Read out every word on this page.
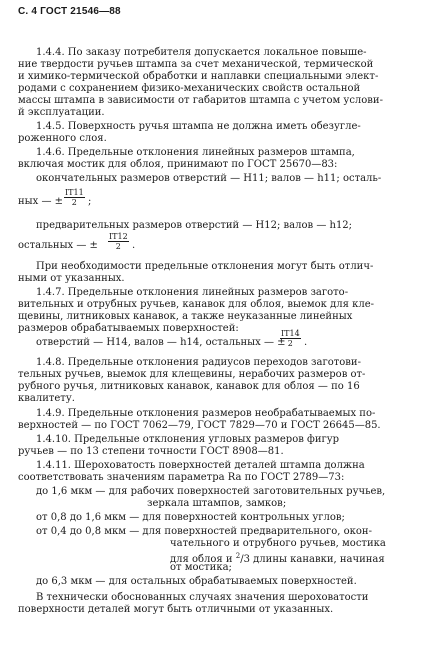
С. 4 ГОСТ 21546—88
1.4.4. По заказу потребителя допускается локальное повыше-
ние твердости ручьев штампа за счет механической, термической
и химико-термической обработки и наплавки специальными элект-
родами с сохранением физико-механических свойств остальной
массы штампа в зависимости от габаритов штампа с учетом услови-
й эксплуатации.
1.4.5. Поверхность ручья штампа не должна иметь обезугле-
роженного слоя.
1.4.6. Предельные отклонения линейных размеров штампа,
включая мостик для облоя, принимают по ГОСТ 25670—83:
окончательных размеров отверстий — H11; валов — h11; осталь-
ных — ± $\frac{IT11}{2}$ ;
предварительных размеров отверстий — H12; валов — h12;
остальных — ± $\frac{IT12}{2}$ .
При необходимости предельные отклонения могут быть отлич-
ными от указанных.
1.4.7. Предельные отклонения линейных размеров загото-
вительных и отрубных ручьев, канавок для облоя, выемок для кле-
щевины, литниковых канавок, а также неуказанные линейных
размеров обрабатываемых поверхностей:
отверстий — H14, валов — h14, остальных — ±
$\frac{IT14}{2}$ .
1.4.8. Предельные отклонения радиусов переходов заготови-
тельных ручьев, выемок для клещевины, нерабочих размеров от-
рубного ручья, литниковых канавок, канавок для облоя — по 16
квалитету.
1.4.9. Предельные отклонения размеров необрабатываемых по-
верхностей — по ГОСТ 7062—79, ГОСТ 7829—70 и ГОСТ 26645—85.
1.4.10. Предельные отклонения угловых размеров фигур
ручьев — по 13 степени точности ГОСТ 8908—81.
1.4.11. Шероховатость поверхностей деталей штампа должна
соответствовать значениям параметра Ra по ГОСТ 2789—73:
до 1,6 мкм — для рабочих поверхностей заготовительных ручьев,
зеркала штампов, замков;
от 0,8 до 1,6 мкм — для поверхностей контрольных углов;
от 0,4 до 0,8 мкм — для поверхностей предварительного, окон-
чательного и отрубного ручьев, мостика
для облоя и $^2$/3 длины канавки, начиная
от мостика;
до 6,3 мкм — для остальных обрабатываемых поверхностей.
В технически обоснованных случаях значения шероховатости
поверхности деталей могут быть отличными от указанных.
